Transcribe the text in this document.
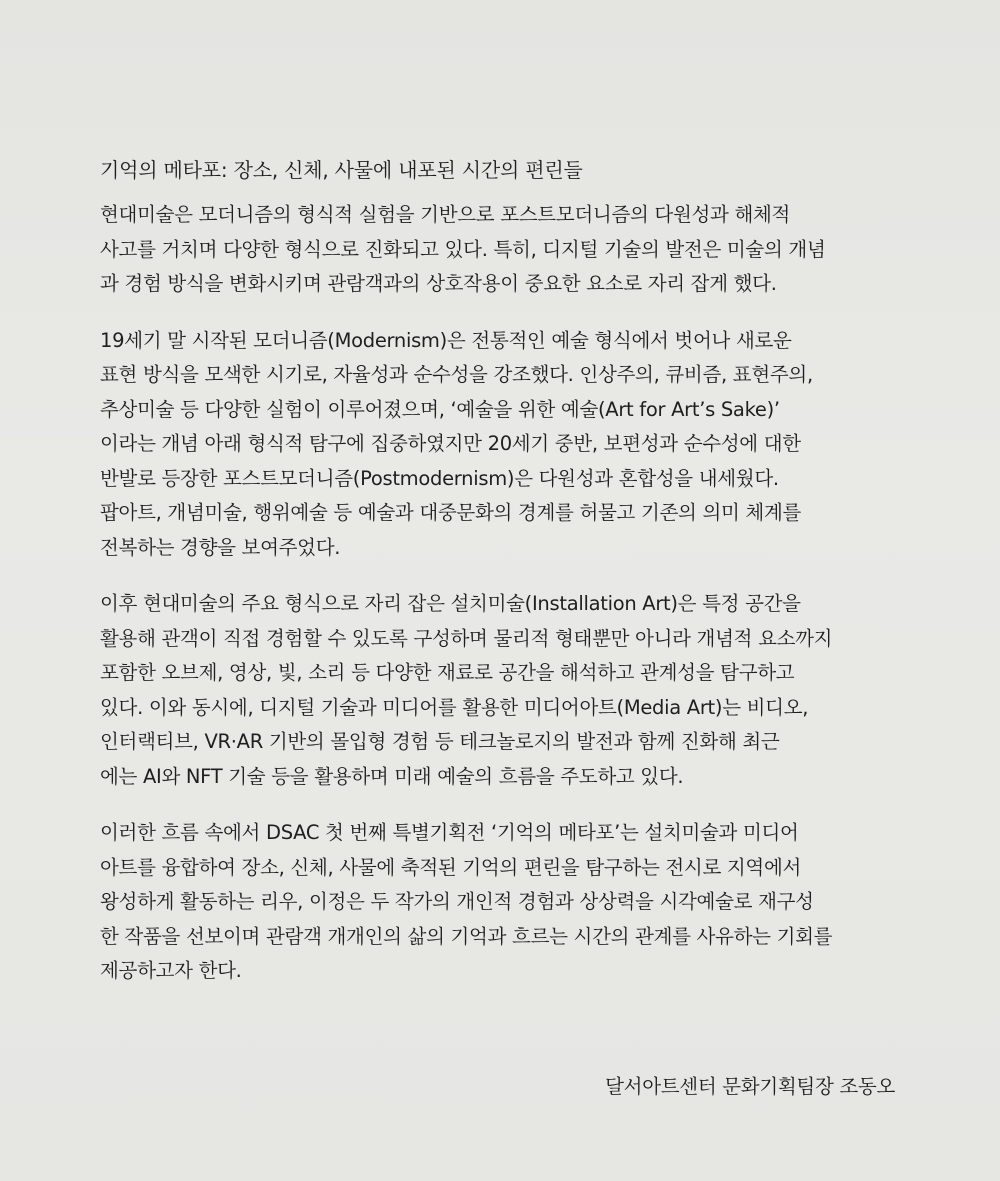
기억의 메타포: 장소, 신체, 사물에 내포된 시간의 편린들
현대미술은 모더니즘의 형식적 실험을 기반으로 포스트모더니즘의 다원성과 해체적
사고를 거치며 다양한 형식으로 진화되고 있다. 특히, 디지털 기술의 발전은 미술의 개념
과 경험 방식을 변화시키며 관람객과의 상호작용이 중요한 요소로 자리 잡게 했다.
19세기 말 시작된 모더니즘(Modernism)은 전통적인 예술 형식에서 벗어나 새로운
표현 방식을 모색한 시기로, 자율성과 순수성을 강조했다. 인상주의, 큐비즘, 표현주의,
추상미술 등 다양한 실험이 이루어졌으며, ‘예술을 위한 예술(Art for Art’s Sake)’
이라는 개념 아래 형식적 탐구에 집중하였지만 20세기 중반, 보편성과 순수성에 대한
반발로 등장한 포스트모더니즘(Postmodernism)은 다원성과 혼합성을 내세웠다.
팝아트, 개념미술, 행위예술 등 예술과 대중문화의 경계를 허물고 기존의 의미 체계를
전복하는 경향을 보여주었다.
이후 현대미술의 주요 형식으로 자리 잡은 설치미술(Installation Art)은 특정 공간을
활용해 관객이 직접 경험할 수 있도록 구성하며 물리적 형태뿐만 아니라 개념적 요소까지
포함한 오브제, 영상, 빛, 소리 등 다양한 재료로 공간을 해석하고 관계성을 탐구하고
있다. 이와 동시에, 디지털 기술과 미디어를 활용한 미디어아트(Media Art)는 비디오,
인터랙티브, VR·AR 기반의 몰입형 경험 등 테크놀로지의 발전과 함께 진화해 최근
에는 AI와 NFT 기술 등을 활용하며 미래 예술의 흐름을 주도하고 있다.
이러한 흐름 속에서 DSAC 첫 번째 특별기획전 ‘기억의 메타포’는 설치미술과 미디어
아트를 융합하여 장소, 신체, 사물에 축적된 기억의 편린을 탐구하는 전시로 지역에서
왕성하게 활동하는 리우, 이정은 두 작가의 개인적 경험과 상상력을 시각예술로 재구성
한 작품을 선보이며 관람객 개개인의 삶의 기억과 흐르는 시간의 관계를 사유하는 기회를
제공하고자 한다.
달서아트센터 문화기획팀장 조동오
